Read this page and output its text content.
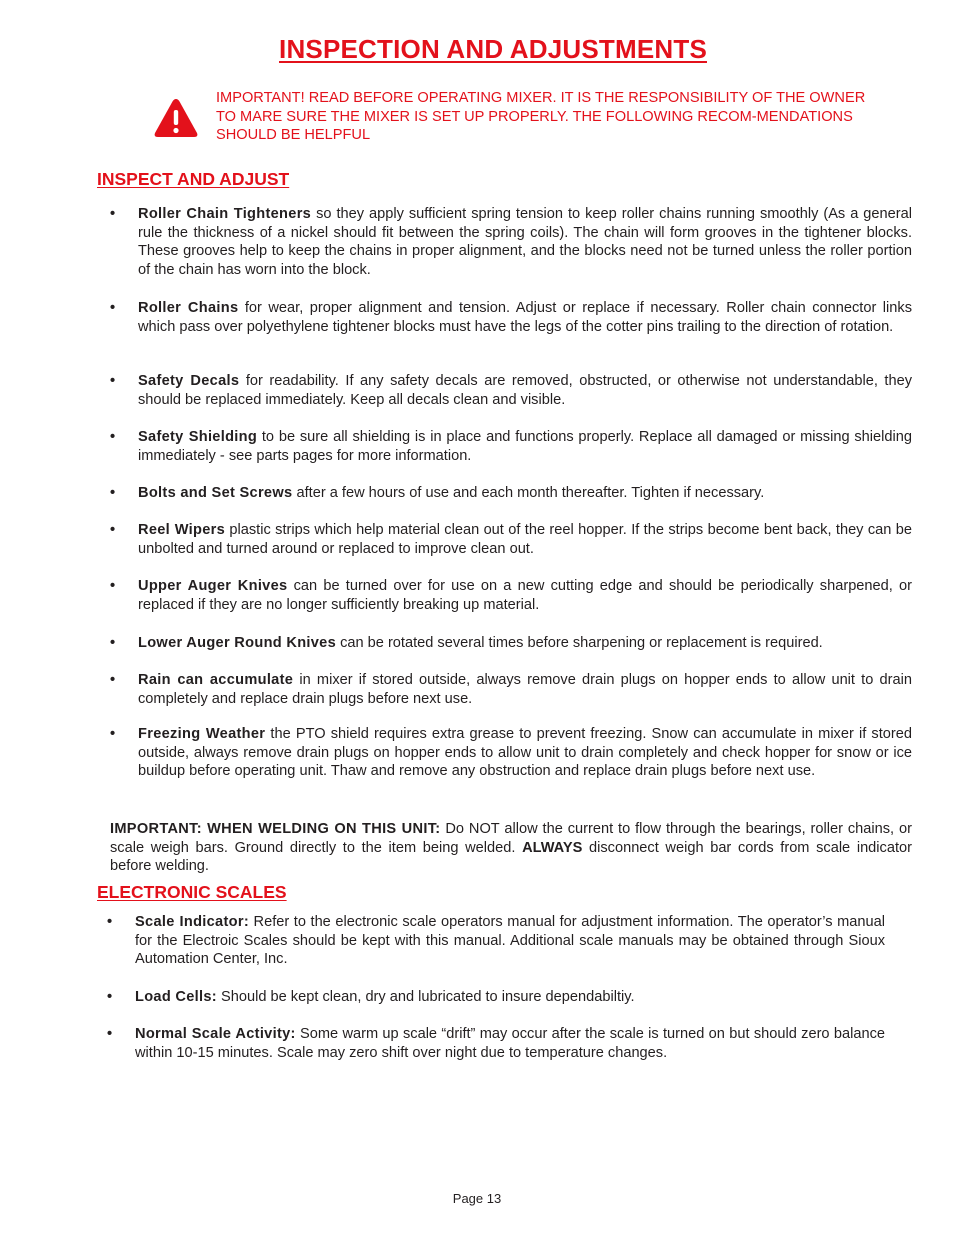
INSPECTION AND ADJUSTMENTS
IMPORTANT! READ BEFORE OPERATING MIXER. IT IS THE RESPONSIBILITY OF THE OWNER TO MARE SURE THE MIXER IS SET UP PROPERLY. THE FOLLOWING RECOM-MENDATIONS SHOULD BE HELPFUL
INSPECT AND ADJUST
• Roller Chain Tighteners so they apply sufficient spring tension to keep roller chains running smoothly (As a general rule the thickness of a nickel should fit between the spring coils). The chain will form grooves in the tightener blocks. These grooves help to keep the chains in proper alignment, and the blocks need not be turned unless the roller portion of the chain has worn into the block.
• Roller Chains for wear, proper alignment and tension. Adjust or replace if necessary. Roller chain connector links which pass over polyethylene tightener blocks must have the legs of the cotter pins trailing to the direction of rotation.
• Safety Decals for readability. If any safety decals are removed, obstructed, or otherwise not understandable, they should be replaced immediately. Keep all decals clean and visible.
• Safety Shielding to be sure all shielding is in place and functions properly. Replace all damaged or missing shielding immediately - see parts pages for more information.
• Bolts and Set Screws after a few hours of use and each month thereafter. Tighten if necessary.
• Reel Wipers plastic strips which help material clean out of the reel hopper. If the strips become bent back, they can be unbolted and turned around or replaced to improve clean out.
• Upper Auger Knives can be turned over for use on a new cutting edge and should be periodically sharpened, or replaced if they are no longer sufficiently breaking up material.
• Lower Auger Round Knives can be rotated several times before sharpening or replacement is required.
• Rain can accumulate in mixer if stored outside, always remove drain plugs on hopper ends to allow unit to drain completely and replace drain plugs before next use.
• Freezing Weather the PTO shield requires extra grease to prevent freezing. Snow can accumulate in mixer if stored outside, always remove drain plugs on hopper ends to allow unit to drain completely and check hopper for snow or ice buildup before operating unit. Thaw and remove any obstruction and replace drain plugs before next use.
IMPORTANT: WHEN WELDING ON THIS UNIT: Do NOT allow the current to flow through the bearings, roller chains, or scale weigh bars. Ground directly to the item being welded. ALWAYS disconnect weigh bar cords from scale indicator before welding.
ELECTRONIC SCALES
• Scale Indicator: Refer to the electronic scale operators manual for adjustment information. The operator’s manual for the Electroic Scales should be kept with this manual. Additional scale manuals may be obtained through Sioux Automation Center, Inc.
• Load Cells: Should be kept clean, dry and lubricated to insure dependabiltiy.
• Normal Scale Activity: Some warm up scale “drift” may occur after the scale is turned on but should zero balance within 10-15 minutes. Scale may zero shift over night due to temperature changes.
Page 13
